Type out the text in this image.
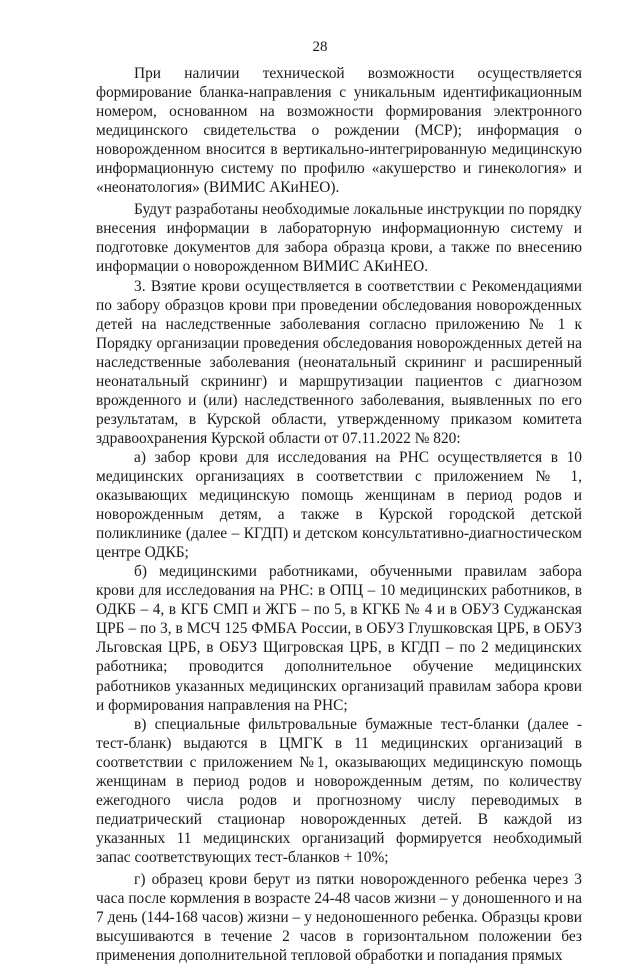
28

При наличии технической возможности осуществляется формирование бланка-направления с уникальным идентификационным номером, основанном на возможности формирования электронного медицинского свидетельства о рождении (МСР); информация о новорожденном вносится в вертикально-интегрированную медицинскую информационную систему по профилю «акушерство и гинекология» и «неонатология» (ВИМИС АКиНЕО).

Будут разработаны необходимые локальные инструкции по порядку внесения информации в лабораторную информационную систему и подготовке документов для забора образца крови, а также по внесению информации о новорожденном ВИМИС АКиНЕО.

3. Взятие крови осуществляется в соответствии с Рекомендациями по забору образцов крови при проведении обследования новорожденных детей на наследственные заболевания согласно приложению № 1 к Порядку организации проведения обследования новорожденных детей на наследственные заболевания (неонатальный скрининг и расширенный неонатальный скрининг) и маршрутизации пациентов с диагнозом врожденного и (или) наследственного заболевания, выявленных по его результатам, в Курской области, утвержденному приказом комитета здравоохранения Курской области от 07.11.2022 № 820:

а) забор крови для исследования на РНС осуществляется в 10 медицинских организациях в соответствии с приложением № 1, оказывающих медицинскую помощь женщинам в период родов и новорожденным детям, а также в Курской городской детской поликлинике (далее – КГДП) и детском консультативно-диагностическом центре ОДКБ;

б) медицинскими работниками, обученными правилам забора крови для исследования на РНС: в ОПЦ – 10 медицинских работников, в ОДКБ – 4, в КГБ СМП и ЖГБ – по 5, в КГКБ № 4 и в ОБУЗ Суджанская ЦРБ – по 3, в МСЧ 125 ФМБА России, в ОБУЗ Глушковская ЦРБ, в ОБУЗ Льговская ЦРБ, в ОБУЗ Щигровская ЦРБ, в КГДП – по 2 медицинских работника; проводится дополнительное обучение медицинских работников указанных медицинских организаций правилам забора крови и формирования направления на РНС;

в) специальные фильтровальные бумажные тест-бланки (далее - тест-бланк) выдаются в ЦМГК в 11 медицинских организаций в соответствии с приложением №1, оказывающих медицинскую помощь женщинам в период родов и новорожденным детям, по количеству ежегодного числа родов и прогнозному числу переводимых в педиатрический стационар новорожденных детей. В каждой из указанных 11 медицинских организаций формируется необходимый запас соответствующих тест-бланков + 10%;

г) образец крови берут из пятки новорожденного ребенка через 3 часа после кормления в возрасте 24-48 часов жизни – у доношенного и на 7 день (144-168 часов) жизни – у недоношенного ребенка. Образцы крови высушиваются в течение 2 часов в горизонтальном положении без применения дополнительной тепловой обработки и попадания прямых
